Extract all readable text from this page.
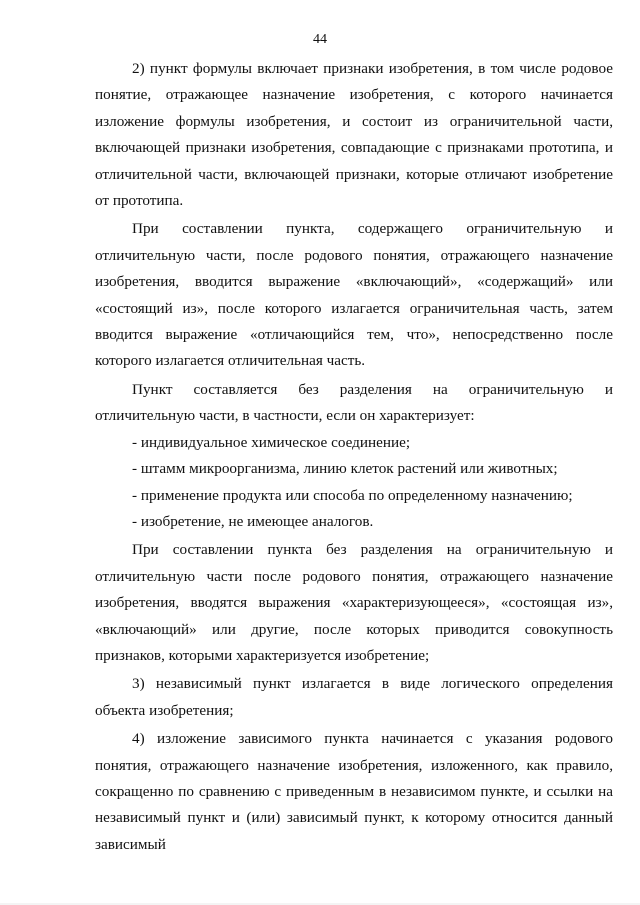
44

2) пункт формулы включает признаки изобретения, в том числе родовое понятие, отражающее назначение изобретения, с которого начинается изложение формулы изобретения, и состоит из ограничительной части, включающей признаки изобретения, совпадающие с признаками прототипа, и отличительной части, включающей признаки, которые отличают изобретение от прототипа.

При составлении пункта, содержащего ограничительную и отличительную части, после родового понятия, отражающего назначение изобретения, вводится выражение «включающий», «содержащий» или «состоящий из», после которого излагается ограничительная часть, затем вводится выражение «отличающийся тем, что», непосредственно после которого излагается отличительная часть.

Пункт составляется без разделения на ограничительную и отличительную части, в частности, если он характеризует:

- индивидуальное химическое соединение;

- штамм микроорганизма, линию клеток растений или животных;

- применение продукта или способа по определенному назначению;

- изобретение, не имеющее аналогов.

При составлении пункта без разделения на ограничительную и отличительную части после родового понятия, отражающего назначение изобретения, вводятся выражения «характеризующееся», «состоящая из», «включающий» или другие, после которых приводится совокупность признаков, которыми характеризуется изобретение;

3) независимый пункт излагается в виде логического определения объекта изобретения;

4) изложение зависимого пункта начинается с указания родового понятия, отражающего назначение изобретения, изложенного, как правило, сокращенно по сравнению с приведенным в независимом пункте, и ссылки на независимый пункт и (или) зависимый пункт, к которому относится данный зависимый
